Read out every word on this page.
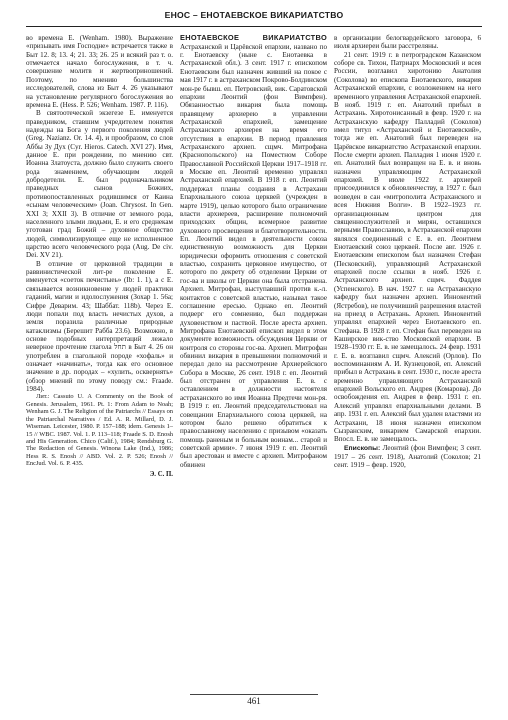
ЕНОС – ЕНОТАЕВСКОЕ ВИКАРИАТСТВО

во времена Е. (Wenham. 1980). Выражение «призывать имя Господне» встречается также в Быт 12. 8; 13. 4; 21. 33; 26. 25 и всякий раз т. о. отмечается начало богослужения, в т. ч. совершение молитв и жертвоприношений. Поэтому, по мнению большинства исследователей, слова из Быт 4. 26 указывают на установление регулярного богослужения во времена Е. (Hess. P. 526; Wenham. 1987. P. 116).

В святоотеческой экзегезе Е. именуется праведником, ставшим учредителем понятия надежды на Бога у первого поколения людей (Greg. Nazianz. Or. 14. 4), и прообразом, со слов Аббы Зу Дух (Cyr. Hieros. Catech. XVI 27). Имя, данное Е. при рождении, по мнению свт. Иоанна Златоуста, должно было служить своего рода знамением, обучающим людей добродетели. Е. был родоначальником праведных сынов Божиих, противопоставленных родившимся от Каина «сынам человеческим» (Joan. Chrysost. In Gen. XXI 3; XXII 3). В отличие от земного рода, населенного злыми людьми, Е. и его среднекам уготован град Божий – духовное общество людей, символизирующее еще не исполненное царство всего человеческого рода (Aug. De civ. Dei. XV 21).

В отличие от церковной традиции в раввинистической лит-ре поколение Е. именуется «соеток печистыеь» (Ib: 1. 1), а с Е. связывается возникновение у людей практики гаданий, магии и идолослужения (Зохар 1. 56а; Сифре Деварим. 43; Шаббат. 118b). Через Е. люди попали под власть нечистых духов, а земля поразила различные природные катаклизмы (Берешит Рабба 23.6). Возможно, в основе подобных интерпретаций лежало неверное прочтение глагола תחל в Быт 4. 26 он употреблен в глагольной породе «хофаль» и означает «начинать», тогда как его основное значение в др. породах – «хулить, осквернять» (обзор мнений по этому поводу см.: Fraade. 1984).

Лит.: Cassuto U. A Commenty on the Book of Genesis. Jerusalem, 1961. Pt. 1: From Adam to Noah; Wenham G. J. The Religion of the Patriarchs // Essays on the Patriarchal Narratives / Ed. A. R. Millard, D. J. Wiseman. Leicester, 1980. P. 157–188; idem. Genesis 1–15 // WBC. 1987. Vol. 1. P. 113–118; Fraade S. D. Enosh and His Generation. Chico (Calif.), 1984; Rendsburg G. The Redaction of Genesis. Winona Lake (Ind.), 1986; Hess R. S. Enosh // ABD. Vol. 2. P. 526; Enosh // EncJud. Vol. 6. P. 435.

Э. С. П.

ЕНОТАЕВСКОЕ ВИКАРИАТСТВО Астраханской и Царёвской епархии, названо по г. Енотаевску (ныне с. Енотаевка в Астраханской обл.). 3 сент. 1917 г. епископом Енотаевским был назначен живший на покое с мая 1917 г. в астраханском Покрово-Болдинском мон-ре бывш. еп. Петровский, вик. Саратовской епархии Леонтий (фон Вимпфен). Обязанностью викария была помощь правящему архиерею в управлении Астраханской епархией, замещение Астраханского архиерея на время его отсутствия в епархии. В период правления Астраханского архиеп. сщмч. Митрофана (Краснопольского) на Поместном Соборе Православной Российской Церкви 1917–1918 гг. в Москве еп. Леонтий временно управлял Астраханской епархией. В 1918 г. еп. Леонтий поддержал планы создания в Астрахани Епархиального союза церквей (учрежден в марте 1919), целью которого было ограничение власти архиереев, расширение полномочий приходских общин, всемерное развитие духовного просвещения и благотворительности. Еп. Леонтий видел в деятельности союза единственную возможность для Церкви юридически оформить отношения с советской властью, сохранить церковное имущество, от которого по декрету об отделении Церкви от гос-ва и школы от Церкви она была отстранена. Архиеп. Митрофан, выступавший против к.-л. контактов с советской властью, называл такое соглашение ересью. Однако еп. Леонтий подверг его сомнению, был поддержан духовенством и паствой. После ареста архиеп. Митрофана Енотаевский епископ видел в этом документе возможность обсуждения Церкви от контроля со стороны гос-ва. Архиеп. Митрофан обвинил викария в превышении полномочий и передал дело на рассмотрение Архиерейского Собора в Москве, 26 сент. 1918 г. еп. Леонтий был отстранен от управления Е. в. с оставлением в должности настоятеля астраханского во имя Иоанна Предтечи мон-ря. В 1919 г. еп. Леонтий председательствовал на совещании Епархиального союза церквей, на котором было решено обратиться к православному населению с призывом «оказать помощь раненым и больным воинам... старой и советской армии». 7 июня 1919 г. еп. Леонтий был арестован и вместе с архиеп. Митрофаном обвинен

в организации белогвардейского заговора, 6 июля архиереи были расстреляны.

21 сент. 1919 г. в петроградском Казанском соборе св. Тихон, Патриарх Московский и всея России, возглавил хиротонию Анатолия (Соколова) во епископа Енотаевского, викария Астраханской епархии, с возложением на него временного управления Астраханской епархией. В нояб. 1919 г. еп. Анатолий прибыл в Астрахань. Хиротонисанный в февр. 1920 г. на Астраханскую кафедру Палладий (Соколов) имел титул «Астраханский и Енотаевский», тогда же еп. Анатолий был переведен на Царёвское викариатство Астраханской епархии. После смерти архиеп. Палладия 1 июня 1920 г. еп. Анатолий был возвращен на Е. в. и вновь назначен управляющим Астраханской епархией. В июле 1922 г. архиерей присоединился к обновленчеству, в 1927 г. был возведен в сан «митрополита Астраханского и всея Нижния Волги». В 1922–1923 гг. организационным центром для священнослужителей и мирян, оставшихся верными Православию, в Астраханской епархии являлся соединенный с Е. в. еп. Леонтием Енотаевский союз церквей. После авг. 1926 г. Енотаевским епископом был назначен Стефан (Песковский), управляющий Астраханской епархией после ссылки в нояб. 1926 г. Астраханского архиеп. сщмч. Фаддея (Успенского). В нач. 1927 г. на Астраханскую кафедру был назначен архиеп. Иннокентий (Ястребов), не получивший разрешения властей на приезд в Астрахань. Архиеп. Иннокентий управлял епархией через Енотаевского еп. Стефана. В 1928 г. еп. Стефан был переведен на Каширское вик-ство Московской епархии. В 1928–1930 гг. Е. в. не замещалось. 24 февр. 1931 г. Е. в. возглавил сщмч. Алексий (Орлов). По воспоминаниям А. И. Кузнецовой, еп. Алексий прибыл в Астрахань в сент. 1930 г., после ареста временно управляющего Астраханской епархией Вольского еп. Андрея (Комарова). До освобождения еп. Андрея в февр. 1931 г. еп. Алексий управлял епархиальными делами. В апр. 1931 г. еп. Алексий был удален властями из Астрахани, 18 июня назначен епископом Сызранским, викарием Самарской епархии. Впосл. Е. в. не замещалось.

Епископы: Леонтий (фон Вимпфен; 3 сент. 1917 – 26 сент. 1918), Анатолий (Соколов; 21 сент. 1919 – февр. 1920,

461
